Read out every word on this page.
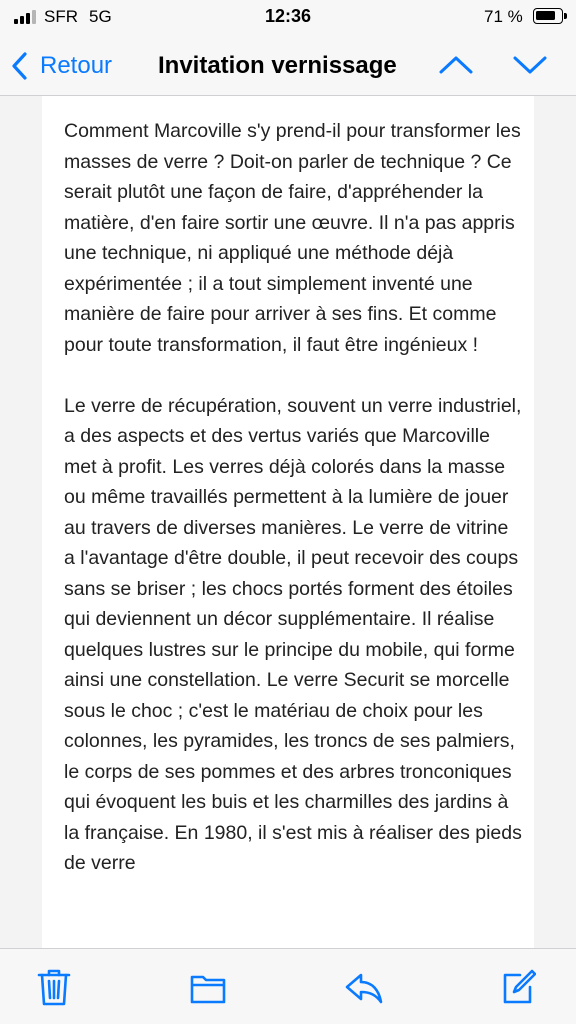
SFR 5G	12:36	71 %
Retour Invitation vernissage

Comment Marcoville s'y prend-il pour transformer les masses de verre ? Doit-on parler de technique ? Ce serait plutôt une façon de faire, d'appréhender la matière, d'en faire sortir une œuvre. Il n'a pas appris une technique, ni appliqué une méthode déjà expérimentée ; il a tout simplement inventé une manière de faire pour arriver à ses fins. Et comme pour toute transformation, il faut être ingénieux !

Le verre de récupération, souvent un verre industriel, a des aspects et des vertus variés que Marcoville met à profit. Les verres déjà colorés dans la masse ou même travaillés permettent à la lumière de jouer au travers de diverses manières. Le verre de vitrine a l'avantage d'être double, il peut recevoir des coups sans se briser ; les chocs portés forment des étoiles qui deviennent un décor supplémentaire. Il réalise quelques lustres sur le principe du mobile, qui forme ainsi une constellation. Le verre Securit se morcelle sous le choc ; c'est le matériau de choix pour les colonnes, les pyramides, les troncs de ses palmiers, le corps de ses pommes et des arbres tronconiques qui évoquent les buis et les charmilles des jardins à la française. En 1980, il s'est mis à réaliser des pieds de verre
